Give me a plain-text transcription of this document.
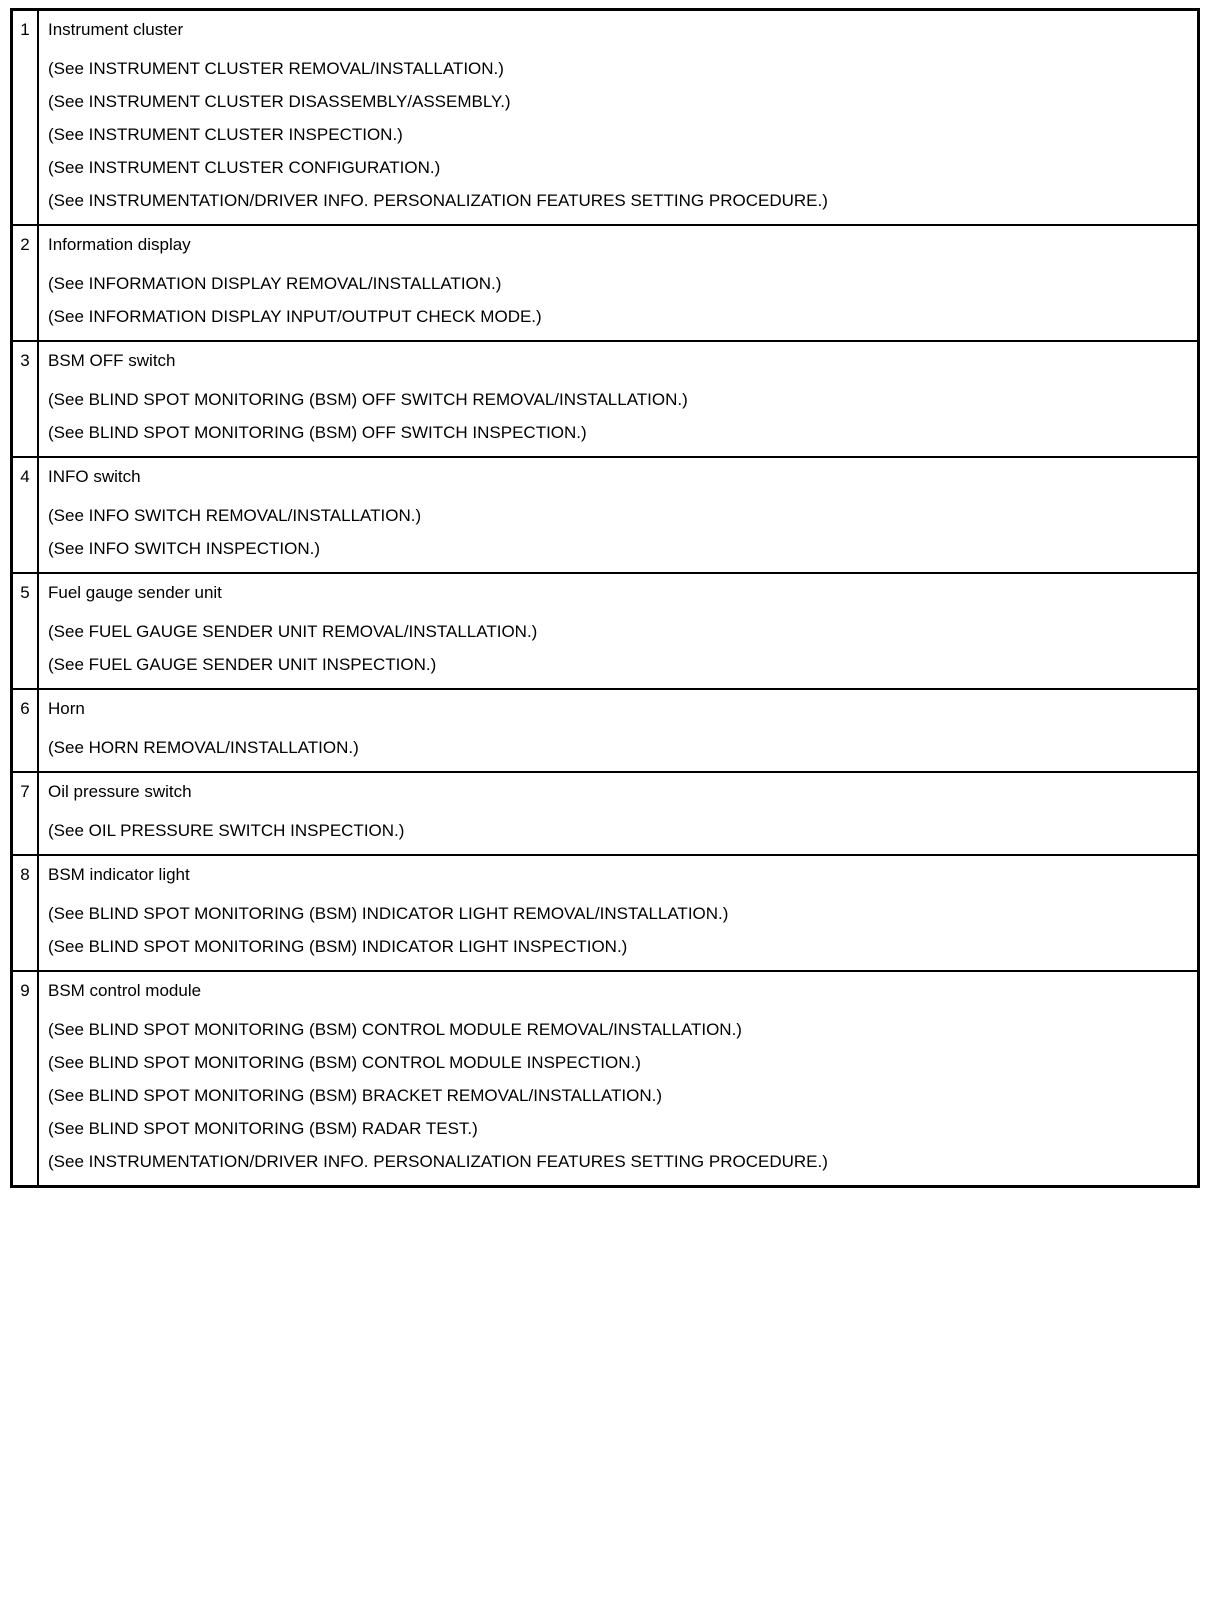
1	Instrument cluster
(See INSTRUMENT CLUSTER REMOVAL/INSTALLATION.)
(See INSTRUMENT CLUSTER DISASSEMBLY/ASSEMBLY.)
(See INSTRUMENT CLUSTER INSPECTION.)
(See INSTRUMENT CLUSTER CONFIGURATION.)
(See INSTRUMENTATION/DRIVER INFO. PERSONALIZATION FEATURES SETTING PROCEDURE.)
2	Information display
(See INFORMATION DISPLAY REMOVAL/INSTALLATION.)
(See INFORMATION DISPLAY INPUT/OUTPUT CHECK MODE.)
3	BSM OFF switch
(See BLIND SPOT MONITORING (BSM) OFF SWITCH REMOVAL/INSTALLATION.)
(See BLIND SPOT MONITORING (BSM) OFF SWITCH INSPECTION.)
4	INFO switch
(See INFO SWITCH REMOVAL/INSTALLATION.)
(See INFO SWITCH INSPECTION.)
5	Fuel gauge sender unit
(See FUEL GAUGE SENDER UNIT REMOVAL/INSTALLATION.)
(See FUEL GAUGE SENDER UNIT INSPECTION.)
6	Horn
(See HORN REMOVAL/INSTALLATION.)
7	Oil pressure switch
(See OIL PRESSURE SWITCH INSPECTION.)
8	BSM indicator light
(See BLIND SPOT MONITORING (BSM) INDICATOR LIGHT REMOVAL/INSTALLATION.)
(See BLIND SPOT MONITORING (BSM) INDICATOR LIGHT INSPECTION.)
9	BSM control module
(See BLIND SPOT MONITORING (BSM) CONTROL MODULE REMOVAL/INSTALLATION.)
(See BLIND SPOT MONITORING (BSM) CONTROL MODULE INSPECTION.)
(See BLIND SPOT MONITORING (BSM) BRACKET REMOVAL/INSTALLATION.)
(See BLIND SPOT MONITORING (BSM) RADAR TEST.)
(See INSTRUMENTATION/DRIVER INFO. PERSONALIZATION FEATURES SETTING PROCEDURE.)
